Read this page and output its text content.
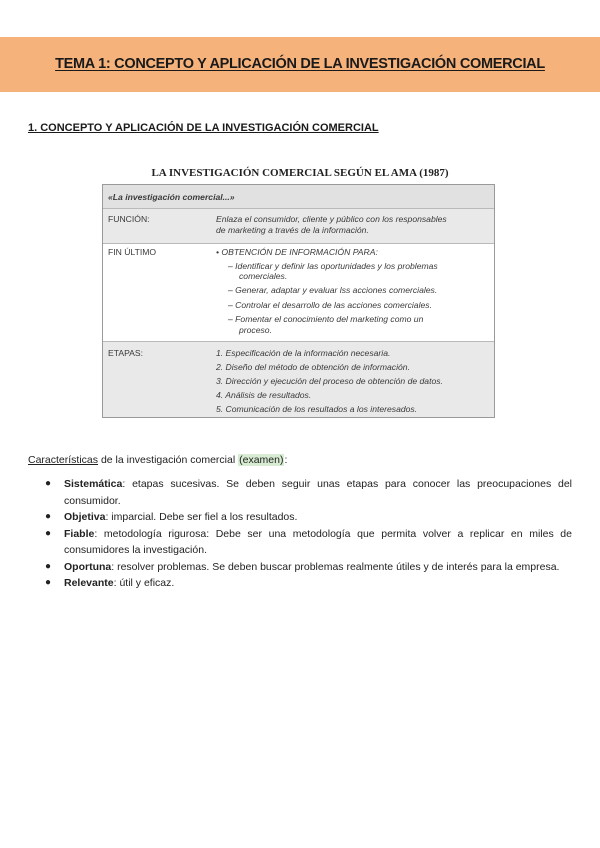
TEMA 1: CONCEPTO Y APLICACIÓN DE LA INVESTIGACIÓN COMERCIAL
1. CONCEPTO Y APLICACIÓN DE LA INVESTIGACIÓN COMERCIAL
LA INVESTIGACIÓN COMERCIAL SEGÚN EL AMA (1987)
«La investigación comercial...»
FUNCIÓN:	Enlaza el consumidor, cliente y público con los responsables
de marketing a través de la información.
FIN ÚLTIMO	• OBTENCIÓN DE INFORMACIÓN PARA:
– Identificar y definir las oportunidades y los problemas
comerciales.
– Generar, adaptar y evaluar lss acciones comerciales.
– Controlar el desarrollo de las acciones comerciales.
– Fomentar el conocimiento del marketing como un
proceso.
ETAPAS:	1. Especificación de la información necesaria.
2. Diseño del método de obtención de información.
3. Dirección y ejecución del proceso de obtención de datos.
4. Análisis de resultados.
5. Comunicación de los resultados a los interesados.
Características de la investigación comercial (examen):
● Sistemática: etapas sucesivas. Se deben seguir unas etapas para conocer las preocupaciones del consumidor.
● Objetiva: imparcial. Debe ser fiel a los resultados.
● Fiable: metodología rigurosa: Debe ser una metodología que permita volver a replicar en miles de consumidores la investigación.
● Oportuna: resolver problemas. Se deben buscar problemas realmente útiles y de interés para la empresa.
● Relevante: útil y eficaz.
